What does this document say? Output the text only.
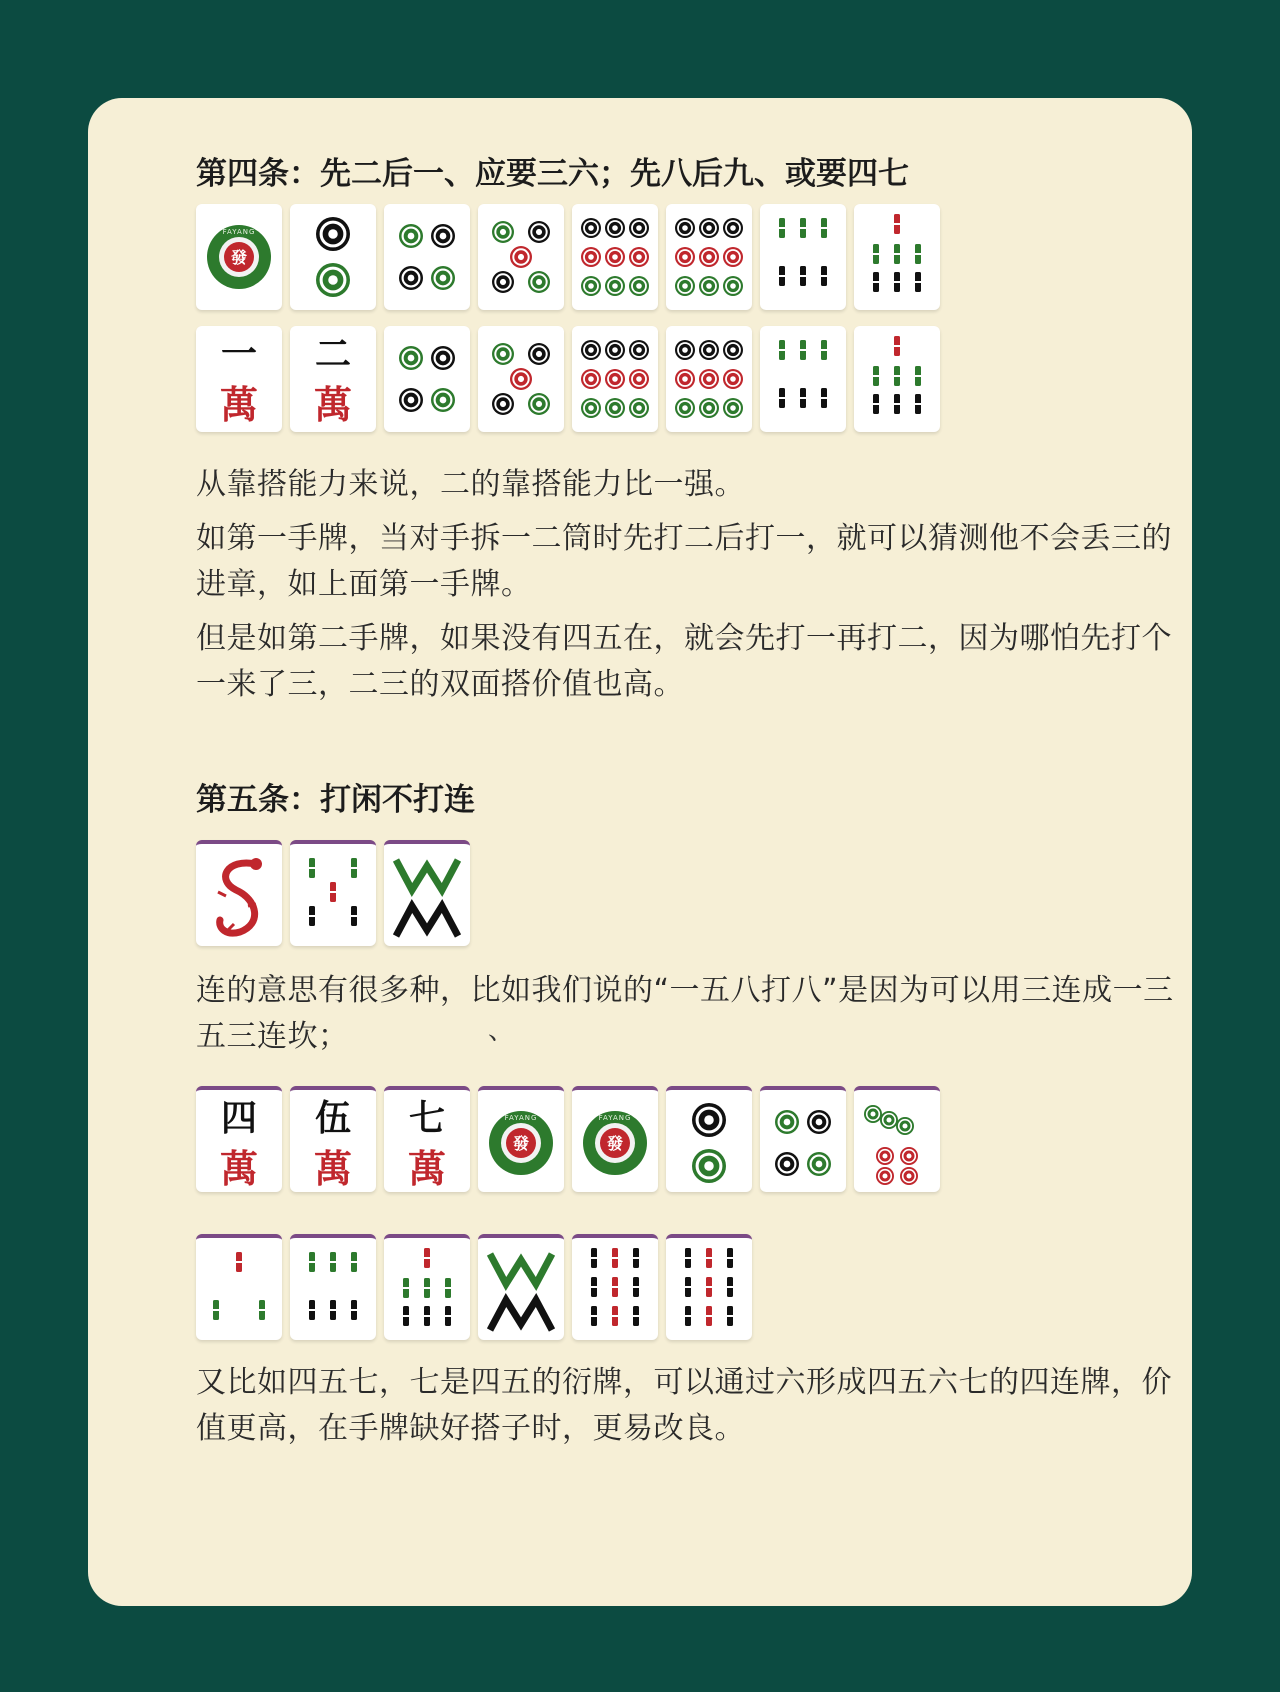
第四条：先二后一、应要三六；先八后九、或要四七
發
FAYANG
一
萬
二
萬

从靠搭能力来说，二的靠搭能力比一强。

如第一手牌，当对手拆一二筒时先打二后打一，就可以猜测他不会丢三的进章，如上面第一手牌。

但是如第二手牌，如果没有四五在，就会先打一再打二，因为哪怕先打个一来了三，二三的双面搭价值也高。

第五条：打闲不打连
、

连的意思有很多种，比如我们说的“一五八打八”是因为可以用三连成一三五三连坎；

四
萬
伍
萬
七
萬
發
FAYANG
發
FAYANG

又比如四五七，七是四五的衍牌，可以通过六形成四五六七的四连牌，价值更高，在手牌缺好搭子时，更易改良。
